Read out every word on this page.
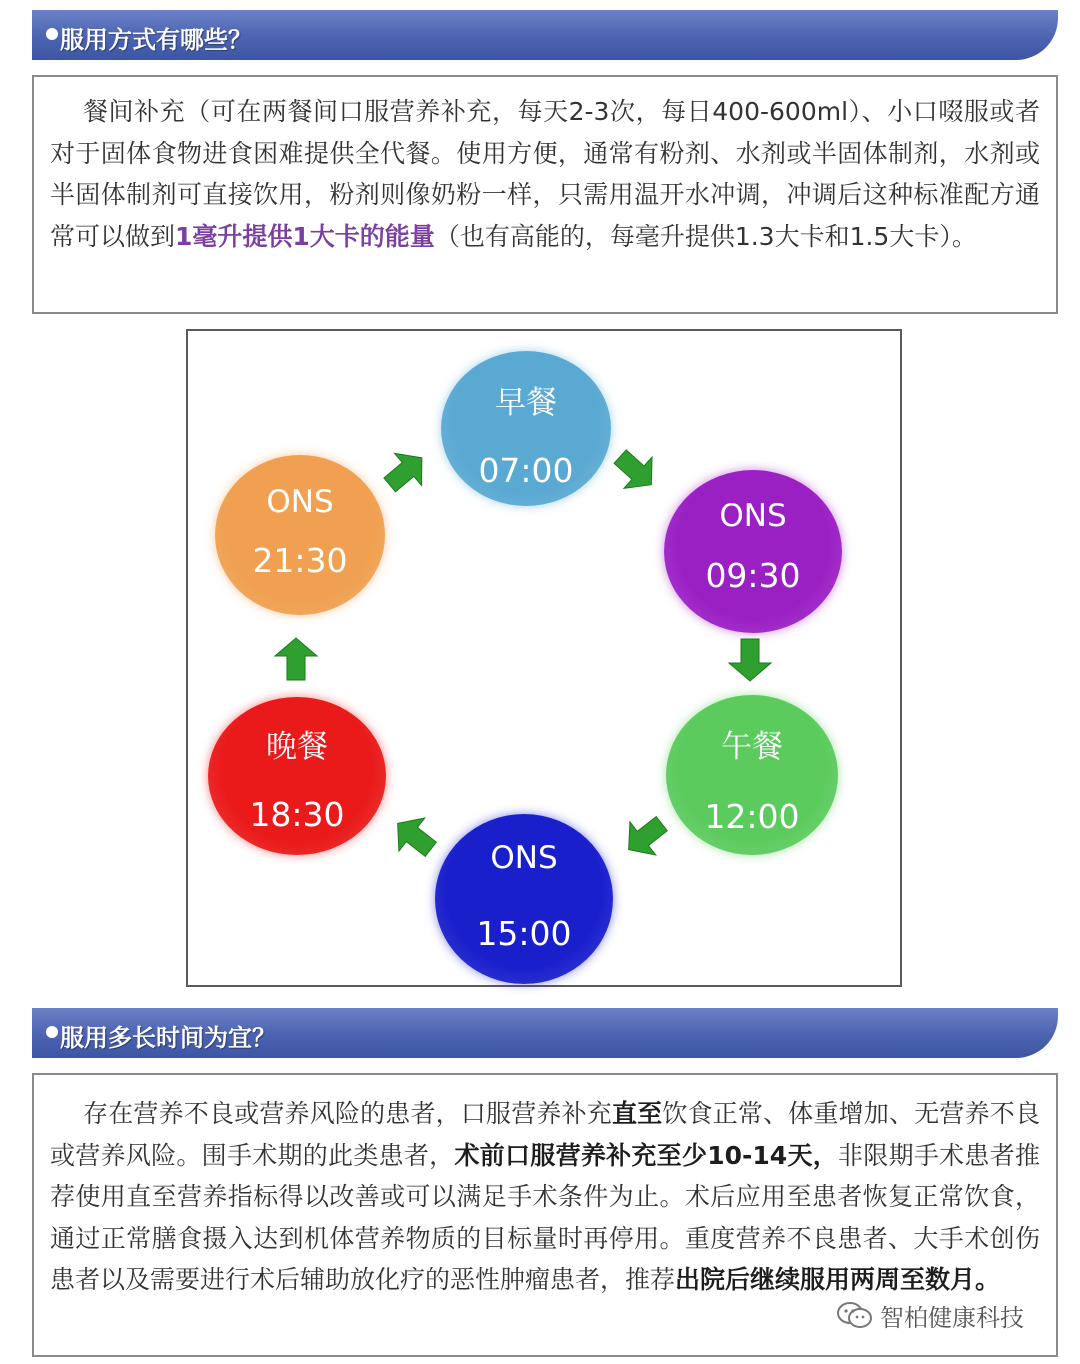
服用方式有哪些？

餐间补充（可在两餐间口服营养补充，每天2-3次，每日400-600ml）、小口啜服或者对于固体食物进食困难提供全代餐。使用方便，通常有粉剂、水剂或半固体制剂，水剂或半固体制剂可直接饮用，粉剂则像奶粉一样，只需用温开水冲调，冲调后这种标准配方通常可以做到1毫升提供1大卡的能量（也有高能的，每毫升提供1.3大卡和1.5大卡）。

早餐
07:00
ONS
09:30
午餐
12:00
ONS
15:00
晚餐
18:30
ONS
21:30
服用多长时间为宜？

存在营养不良或营养风险的患者，口服营养补充直至饮食正常、体重增加、无营养不良或营养风险。围手术期的此类患者，术前口服营养补充至少10-14天，非限期手术患者推荐使用直至营养指标得以改善或可以满足手术条件为止。术后应用至患者恢复正常饮食，通过正常膳食摄入达到机体营养物质的目标量时再停用。重度营养不良患者、大手术创伤患者以及需要进行术后辅助放化疗的恶性肿瘤患者，推荐出院后继续服用两周至数月。

智柏健康科技
